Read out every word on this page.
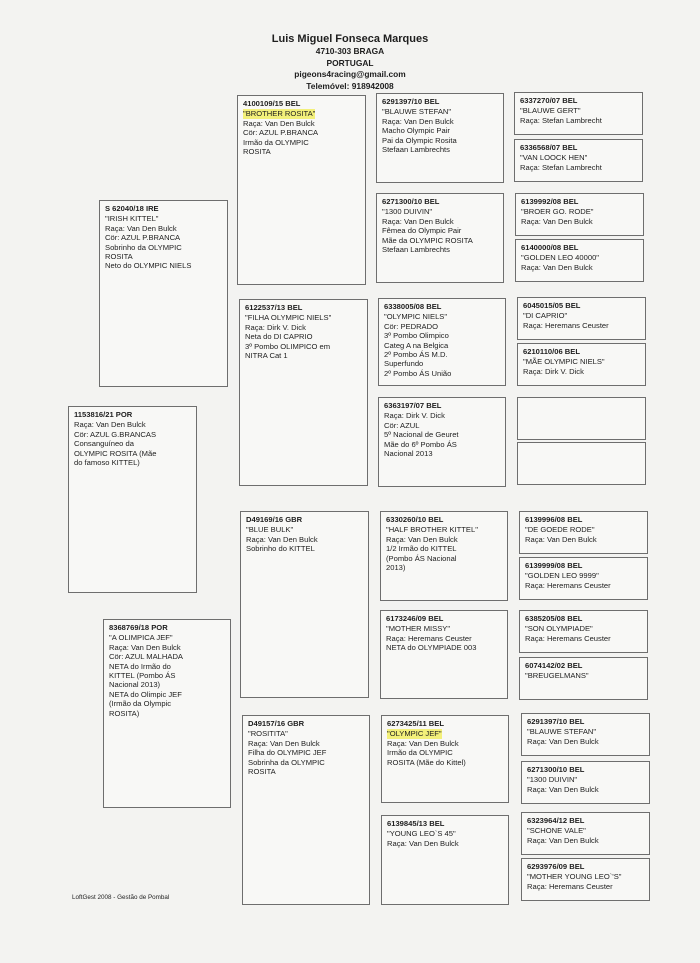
Luis Miguel Fonseca Marques
4710-303 BRAGA
PORTUGAL
pigeons4racing@gmail.com
Telemóvel: 918942008
1153816/21 POR
Raça: Van Den Bulck
Cör: AZUL G.BRANCAS
Consanguíneo da
OLYMPIC ROSITA (Mãe
do famoso KITTEL)
S 62040/18 IRE
"IRISH KITTEL"
Raça: Van Den Bulck
Cör: AZUL P.BRANCA
Sobrinho da OLYMPIC
ROSITA
Neto do OLYMPIC NIELS
8368769/18 POR
"A OLIMPICA JEF"
Raça: Van Den Bulck
Cör: AZUL MALHADA
NETA do Irmão do
KITTEL (Pombo ÁS
Nacional 2013)
NETA do Olimpic JEF
(Irmão da Olympic
ROSITA)
4100109/15 BEL
"BROTHER ROSITA"
Raça: Van Den Bulck
Cör: AZUL P.BRANCA
Irmão da OLYMPIC
ROSITA
6122537/13 BEL
"FILHA OLYMPIC NIELS"
Raça: Dirk V. Dick
Neta do DI CAPRIO
3º Pombo OLIMPICO em
NITRA Cat 1
D49169/16 GBR
"BLUE BULK"
Raça: Van Den Bulck
Sobrinho do KITTEL
D49157/16 GBR
"ROSITITA"
Raça: Van Den Bulck
Filha do OLYMPIC JEF
Sobrinha da OLYMPIC
ROSITA
6291397/10 BEL
"BLAUWE STEFAN"
Raça: Van Den Bulck
Macho Olympic Pair
Pai da Olympic Rosita
Stefaan Lambrechts
6271300/10 BEL
"1300 DUIVIN"
Raça: Van Den Bulck
Fêmea do Olympic Pair
Mãe da OLYMPIC ROSITA
Stefaan Lambrechts
6338005/08 BEL
"OLYMPIC NIELS"
Cör: PEDRADO
3º Pombo Olimpico
Categ A na Belgica
2º Pombo ÁS M.D.
Superfundo
2º Pombo ÁS União
6363197/07 BEL
Raça: Dirk V. Dick
Cör: AZUL
5º Nacional de Geuret
Mãe do 6º Pombo ÁS
Nacional 2013
6330260/10 BEL
"HALF BROTHER KITTEL"
Raça: Van Den Bulck
1/2 Irmão do KITTEL
(Pombo ÁS Nacional
2013)
6173246/09 BEL
"MOTHER MISSY"
Raça: Heremans Ceuster
NETA do OLYMPIADE 003
6273425/11 BEL
"OLYMPIC JEF"
Raça: Van Den Bulck
Irmão da OLYMPIC
ROSITA (Mãe do Kittel)
6139845/13 BEL
"YOUNG LEO`S 45"
Raça: Van Den Bulck
6337270/07 BEL
"BLAUWE GERT"
Raça: Stefan Lambrecht
6336568/07 BEL
"VAN LOOCK HEN"
Raça: Stefan Lambrecht
6139992/08 BEL
"BROER GO. RODE"
Raça: Van Den Bulck
6140000/08 BEL
"GOLDEN LEO 40000"
Raça: Van Den Bulck
6045015/05 BEL
"DI CAPRIO"
Raça: Heremans Ceuster
6210110/06 BEL
"MÃE OLYMPIC NIELS"
Raça: Dirk V. Dick
6139996/08 BEL
"DE GOEDE RODE"
Raça: Van Den Bulck
6139999/08 BEL
"GOLDEN LEO 9999"
Raça: Heremans Ceuster
6385205/08 BEL
"SON OLYMPIADE"
Raça: Heremans Ceuster
6074142/02 BEL
"BREUGELMANS"
6291397/10 BEL
"BLAUWE STEFAN"
Raça: Van Den Bulck
6271300/10 BEL
"1300 DUIVIN"
Raça: Van Den Bulck
6323964/12 BEL
"SCHONE VALE"
Raça: Van Den Bulck
6293976/09 BEL
"MOTHER YOUNG LEO`'S"
Raça: Heremans Ceuster
LoftGest 2008 - Gestão de Pombal
